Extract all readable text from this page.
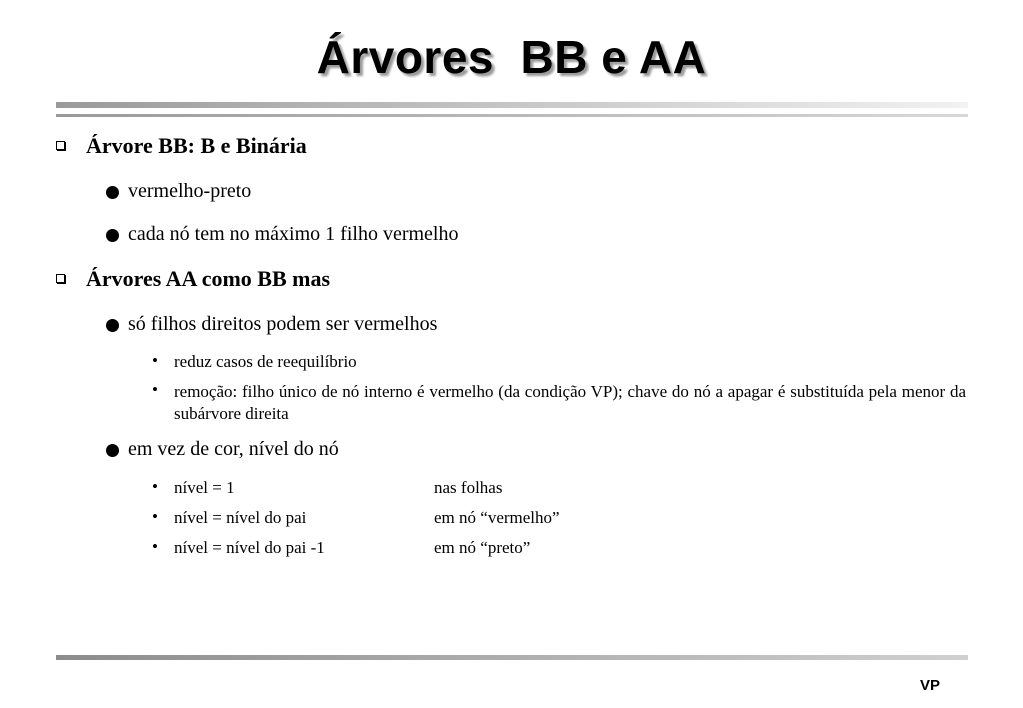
Árvores  BB e AA
Árvore BB: B e Binária
vermelho-preto
cada nó tem no máximo 1 filho vermelho
Árvores AA como BB mas
só filhos direitos podem ser vermelhos
• reduz casos de reequilíbrio
• remoção: filho único de nó interno é vermelho (da condição VP); chave do nó a apagar é substituída pela menor da subárvore direita
em vez de cor, nível do nó
• nível = 1	nas folhas
• nível = nível do pai	em nó “vermelho”
• nível = nível do pai -1	em nó “preto”
VP
